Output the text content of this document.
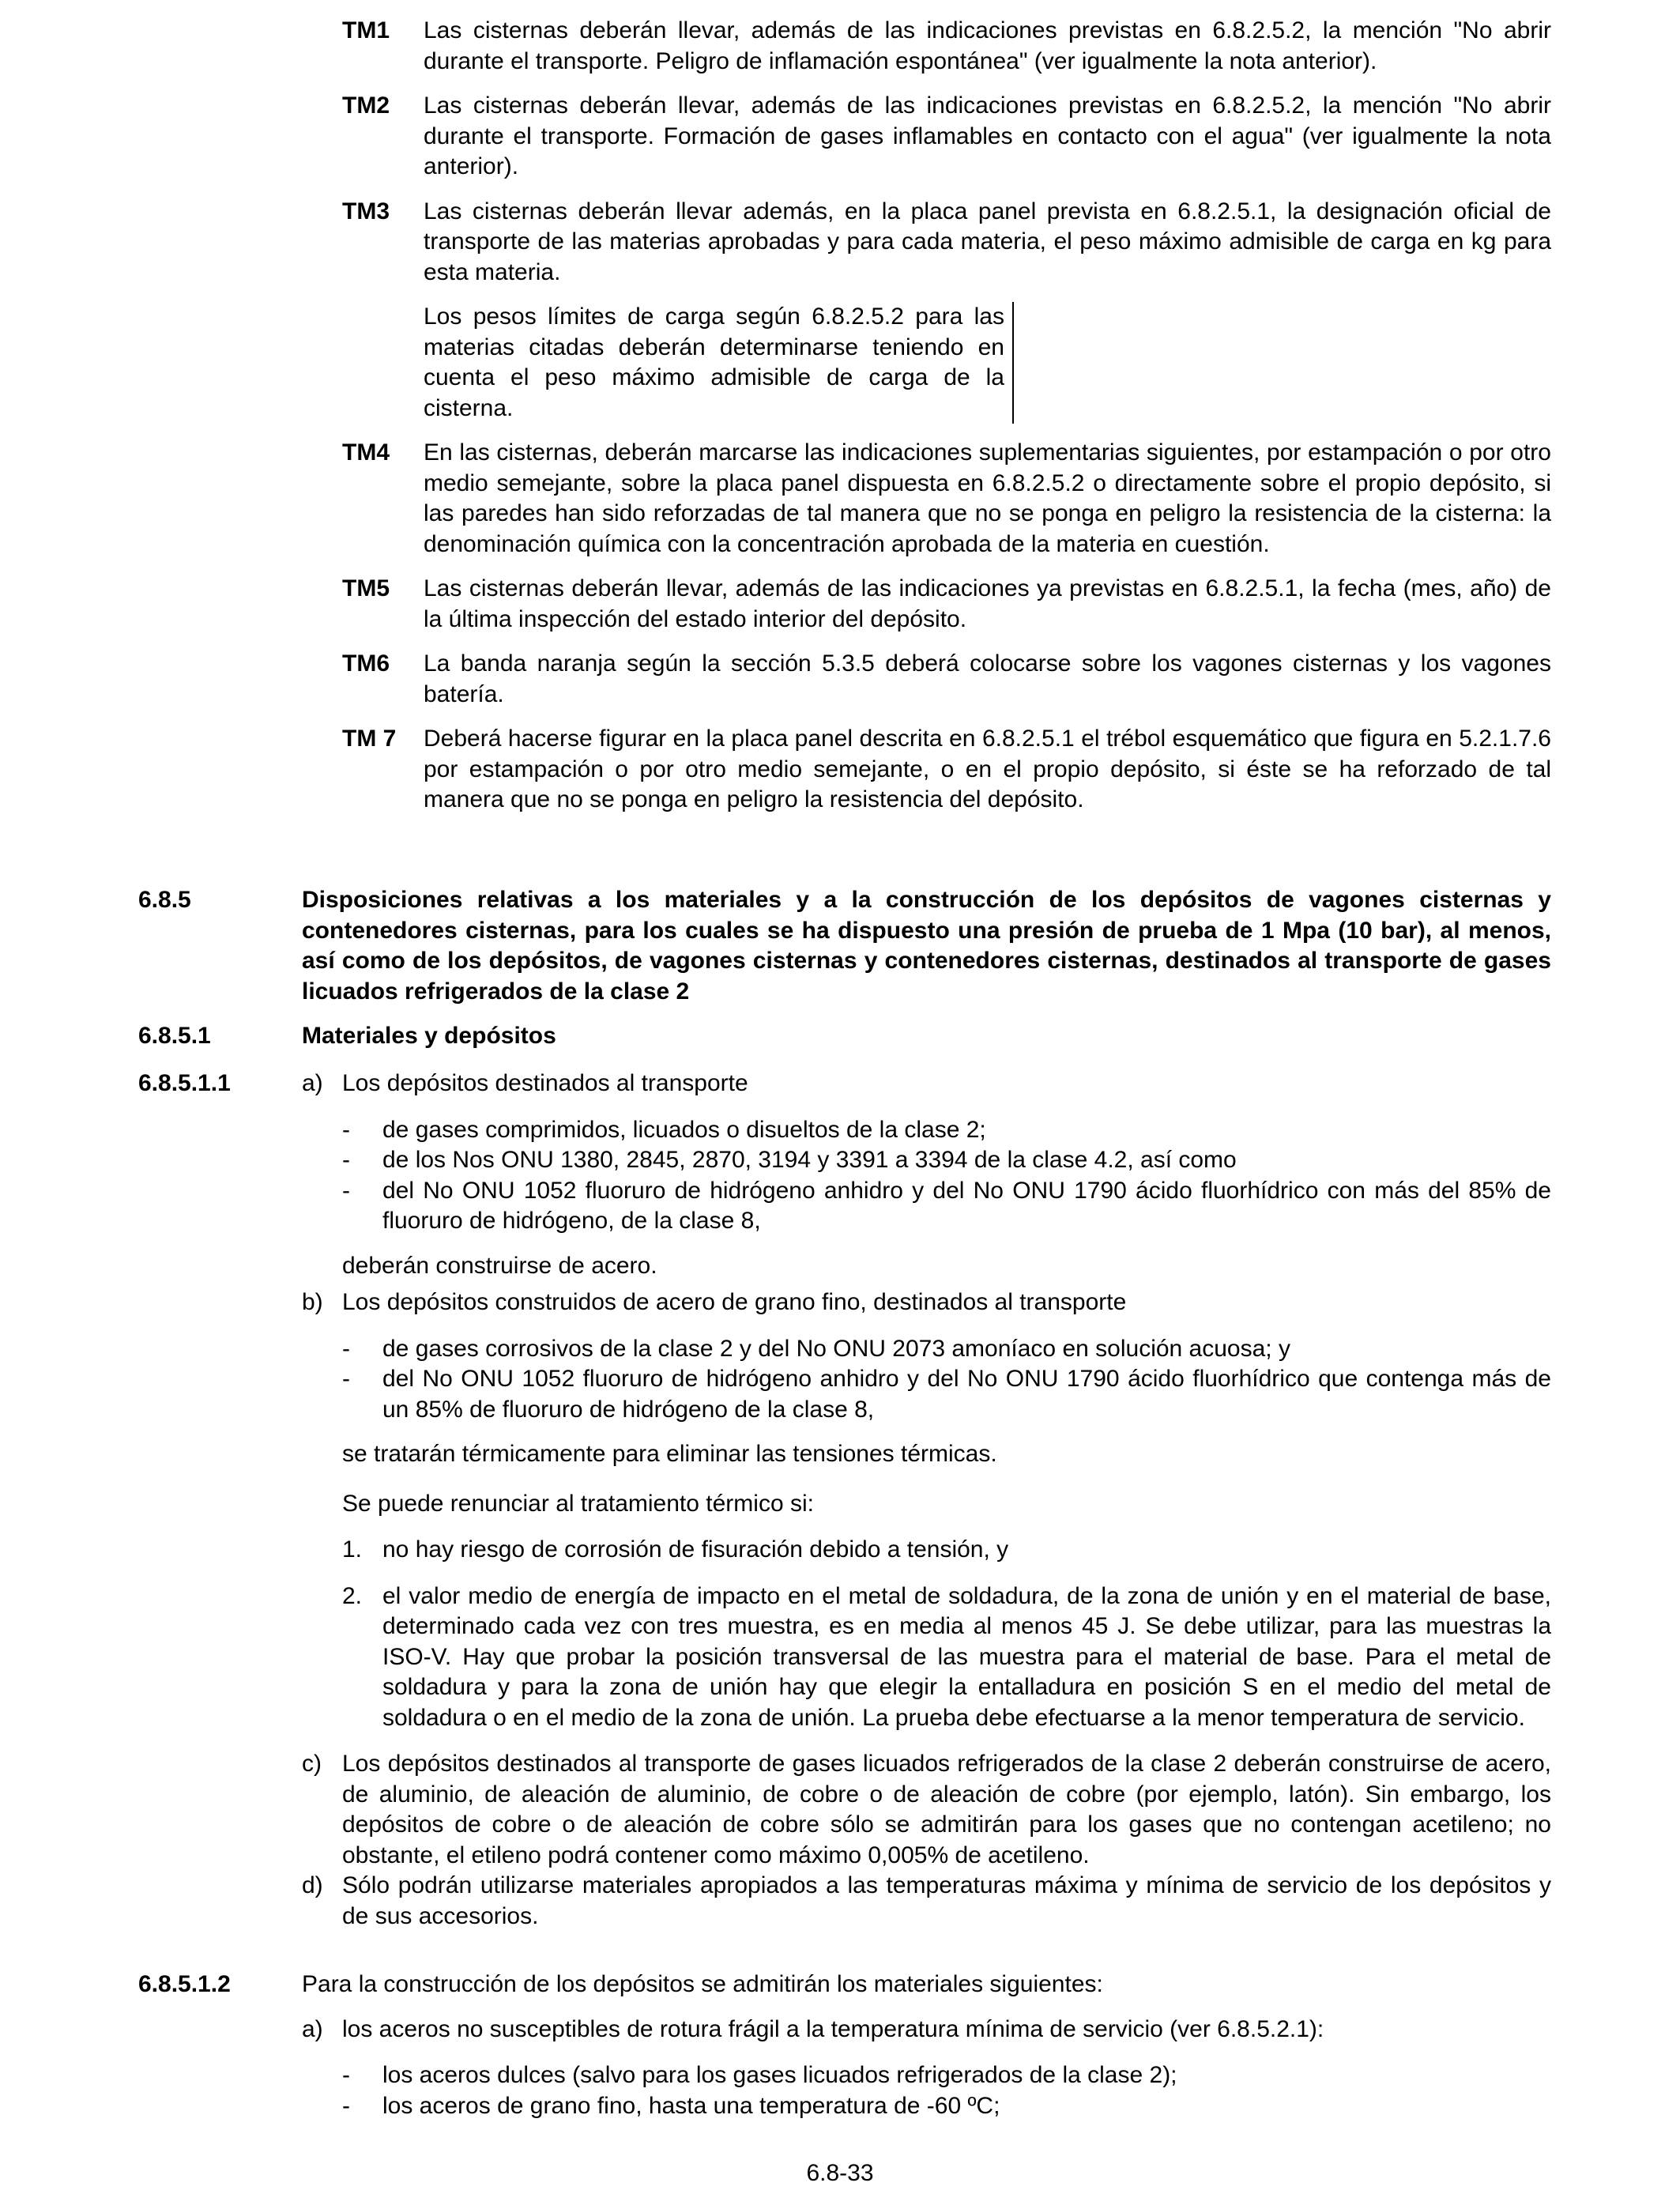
TM1	Las cisternas deberán llevar, además de las indicaciones previstas en 6.8.2.5.2, la mención "No abrir durante el transporte. Peligro de inflamación espontánea" (ver igualmente la nota anterior).
TM2	Las cisternas deberán llevar, además de las indicaciones previstas en 6.8.2.5.2, la mención "No abrir durante el transporte. Formación de gases inflamables en contacto con el agua" (ver igualmente la nota anterior).
TM3	Las cisternas deberán llevar además, en la placa panel prevista en 6.8.2.5.1, la designación oficial de transporte de las materias aprobadas y para cada materia, el peso máximo admisible de carga en kg para esta materia.
Los pesos límites de carga según 6.8.2.5.2 para las materias citadas deberán determinarse teniendo en cuenta el peso máximo admisible de carga de la cisterna.
TM4	En las cisternas, deberán marcarse las indicaciones suplementarias siguientes, por estampación o por otro medio semejante, sobre la placa panel dispuesta en 6.8.2.5.2 o directamente sobre el propio depósito, si las paredes han sido reforzadas de tal manera que no se ponga en peligro la resistencia de la cisterna: la denominación química con la concentración aprobada de la materia en cuestión.
TM5	Las cisternas deberán llevar, además de las indicaciones ya previstas en 6.8.2.5.1, la fecha (mes, año) de la última inspección del estado interior del depósito.
TM6	La banda naranja según la sección 5.3.5 deberá colocarse sobre los vagones cisternas y los vagones batería.
TM 7	Deberá hacerse figurar en la placa panel descrita en 6.8.2.5.1 el trébol esquemático que figura en 5.2.1.7.6 por estampación o por otro medio semejante, o en el propio depósito, si éste se ha reforzado de tal manera que no se ponga en peligro la resistencia del depósito.
6.8.5	Disposiciones relativas a los materiales y a la construcción de los depósitos de vagones cisternas y contenedores cisternas, para los cuales se ha dispuesto una presión de prueba de 1 Mpa (10 bar), al menos, así como de los depósitos, de vagones cisternas y contenedores cisternas, destinados al transporte de gases licuados refrigerados de la clase 2
6.8.5.1	Materiales y depósitos
6.8.5.1.1	a) Los depósitos destinados al transporte
-	de gases comprimidos, licuados o disueltos de la clase 2;
-	de los Nos ONU 1380, 2845, 2870, 3194 y 3391 a 3394 de la clase 4.2, así como
-	del No ONU 1052 fluoruro de hidrógeno anhidro y del No ONU 1790 ácido fluorhídrico con más del 85% de fluoruro de hidrógeno, de la clase 8,

deberán construirse de acero.

b) Los depósitos construidos de acero de grano fino, destinados al transporte
-	de gases corrosivos de la clase 2 y del No ONU 2073 amoníaco en solución acuosa; y
-	del No ONU 1052 fluoruro de hidrógeno anhidro y del No ONU 1790 ácido fluorhídrico que contenga más de un 85% de fluoruro de hidrógeno de la clase 8,

se tratarán térmicamente para eliminar las tensiones térmicas.

Se puede renunciar al tratamiento térmico si:

1. no hay riesgo de corrosión de fisuración debido a tensión, y
2. el valor medio de energía de impacto en el metal de soldadura, de la zona de unión y en el material de base, determinado cada vez con tres muestra, es en media al menos 45 J. Se debe utilizar, para las muestras la ISO-V. Hay que probar la posición transversal de las muestra para el material de base. Para el metal de soldadura y para la zona de unión hay que elegir la entalladura en posición S en el medio del metal de soldadura o en el medio de la zona de unión. La prueba debe efectuarse a la menor temperatura de servicio.
c) Los depósitos destinados al transporte de gases licuados refrigerados de la clase 2 deberán construirse de acero, de aluminio, de aleación de aluminio, de cobre o de aleación de cobre (por ejemplo, latón). Sin embargo, los depósitos de cobre o de aleación de cobre sólo se admitirán para los gases que no contengan acetileno; no obstante, el etileno podrá contener como máximo 0,005% de acetileno.
d) Sólo podrán utilizarse materiales apropiados a las temperaturas máxima y mínima de servicio de los depósitos y de sus accesorios.
6.8.5.1.2	Para la construcción de los depósitos se admitirán los materiales siguientes:

a) los aceros no susceptibles de rotura frágil a la temperatura mínima de servicio (ver 6.8.5.2.1):
-	los aceros dulces (salvo para los gases licuados refrigerados de la clase 2);
-	los aceros de grano fino, hasta una temperatura de -60 ºC;
6.8-33
